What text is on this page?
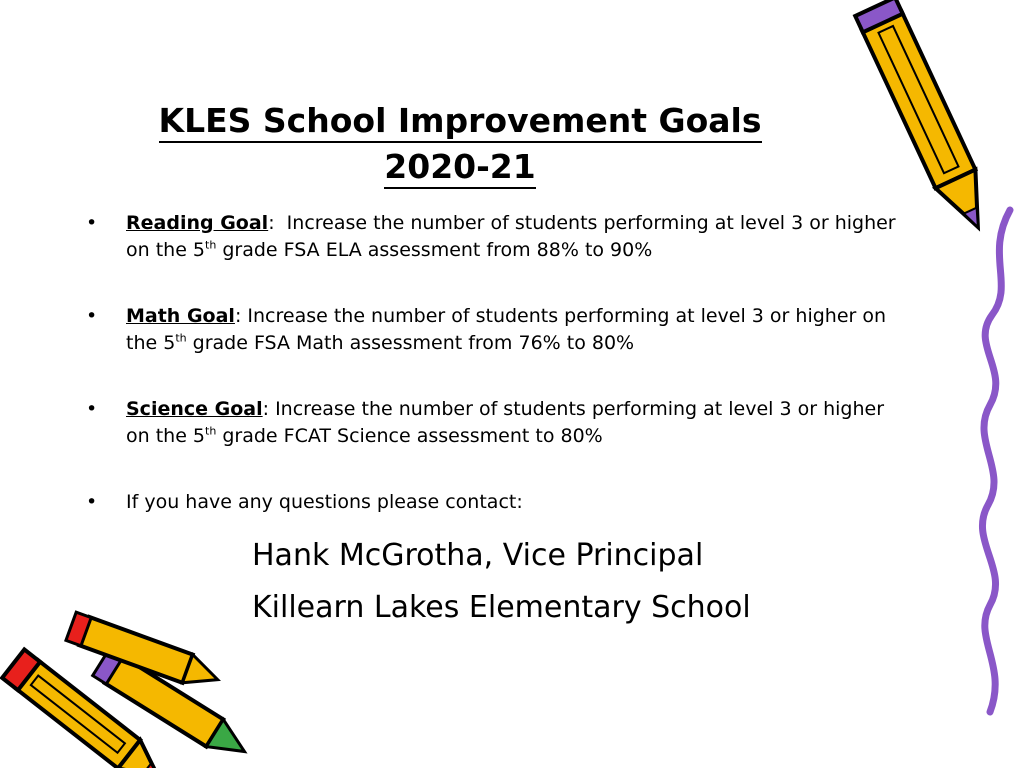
KLES School Improvement Goals
2020-21
• Reading Goal:  Increase the number of students performing at level 3 or higher on the 5th grade FSA ELA assessment from 88% to 90%
• Math Goal: Increase the number of students performing at level 3 or higher on the 5th grade FSA Math assessment from 76% to 80%
• Science Goal: Increase the number of students performing at level 3 or higher on the 5th grade FCAT Science assessment to 80%
• If you have any questions please contact:

Hank McGrotha, Vice Principal

Killearn Lakes Elementary School
